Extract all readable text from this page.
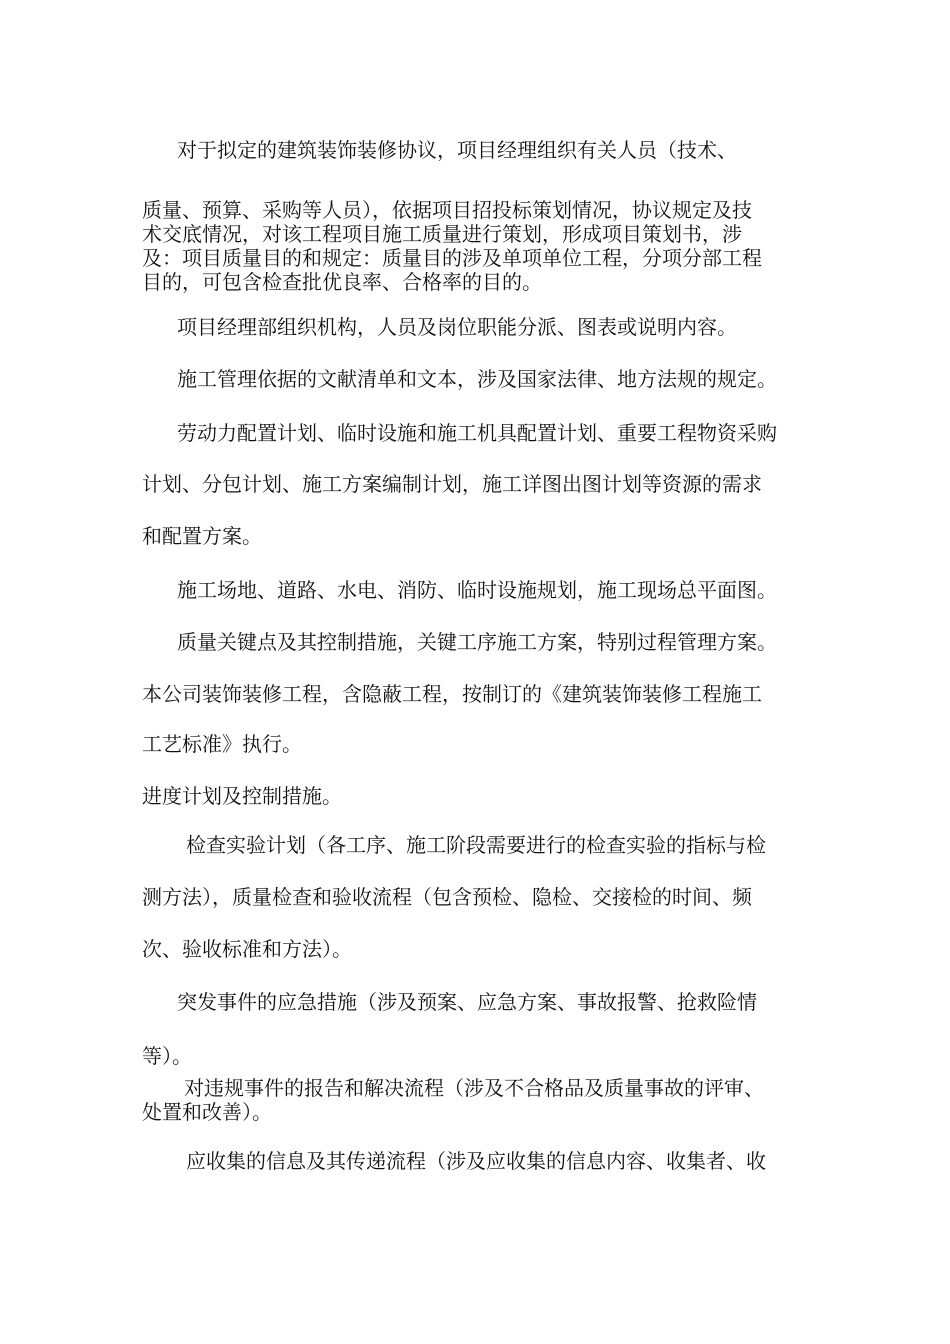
对于拟定的建筑装饰装修协议，项目经理组织有关人员（技术、
质量、预算、采购等人员），依据项目招投标策划情况，协议规定及技
术交底情况，对该工程项目施工质量进行策划，形成项目策划书，涉
及：项目质量目的和规定：质量目的涉及单项单位工程，分项分部工程
目的，可包含检查批优良率、合格率的目的。
项目经理部组织机构，人员及岗位职能分派、图表或说明内容。
施工管理依据的文献清单和文本，涉及国家法律、地方法规的规定。
劳动力配置计划、临时设施和施工机具配置计划、重要工程物资采购
计划、分包计划、施工方案编制计划，施工详图出图计划等资源的需求
和配置方案。
施工场地、道路、水电、消防、临时设施规划，施工现场总平面图。
质量关键点及其控制措施，关键工序施工方案，特别过程管理方案。
本公司装饰装修工程，含隐蔽工程，按制订的《建筑装饰装修工程施工
工艺标准》执行。
进度计划及控制措施。
检查实验计划（各工序、施工阶段需要进行的检查实验的指标与检
测方法），质量检查和验收流程（包含预检、隐检、交接检的时间、频
次、验收标准和方法）。
突发事件的应急措施（涉及预案、应急方案、事故报警、抢救险情
等）。
对违规事件的报告和解决流程（涉及不合格品及质量事故的评审、
处置和改善）。
应收集的信息及其传递流程（涉及应收集的信息内容、收集者、收
